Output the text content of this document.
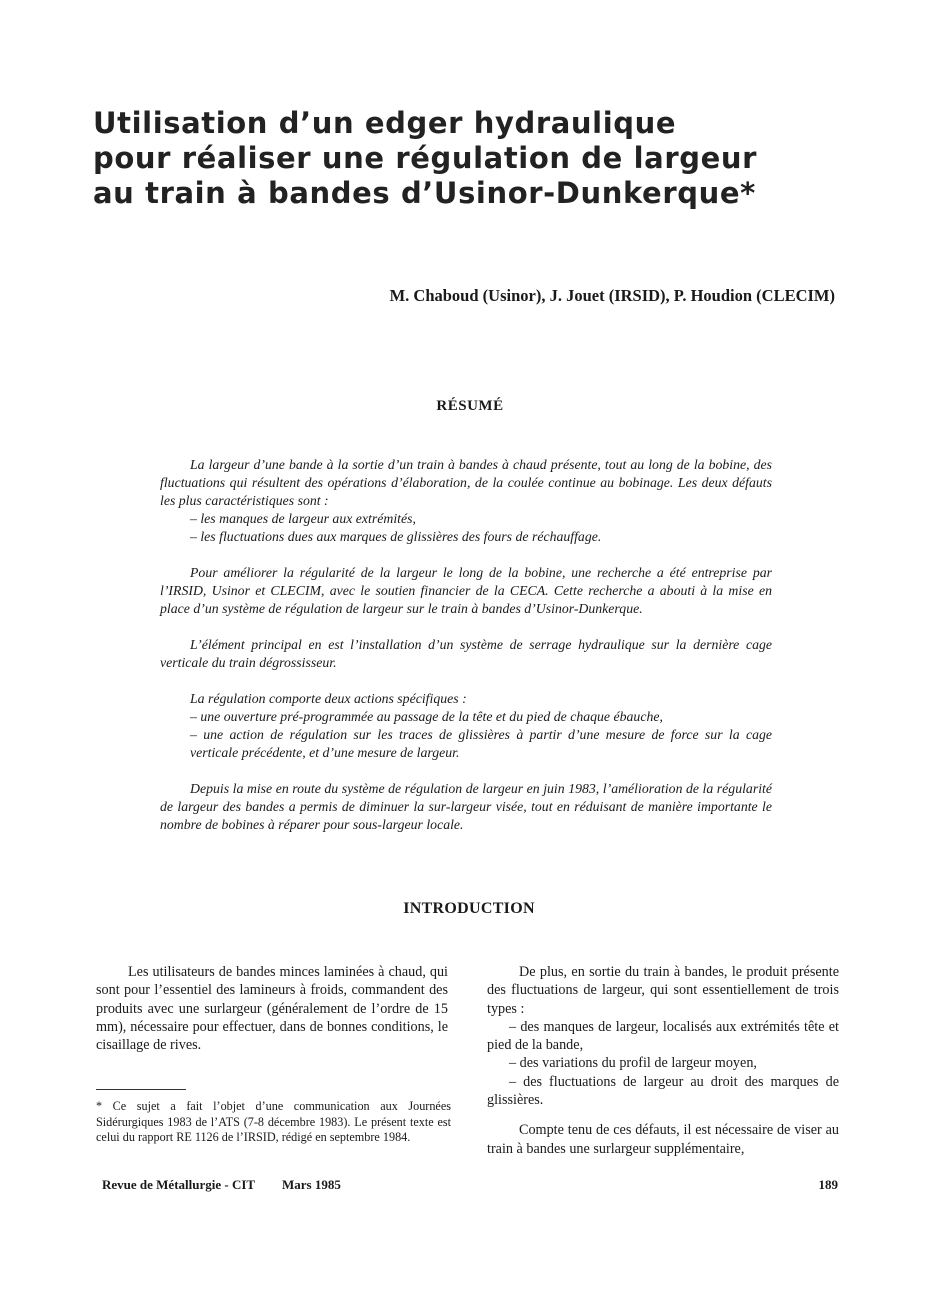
Utilisation d’un edger hydraulique
pour réaliser une régulation de largeur
au train à bandes d’Usinor-Dunkerque*
M. Chaboud (Usinor), J. Jouet (IRSID), P. Houdion (CLECIM)
RÉSUMÉ

La largeur d’une bande à la sortie d’un train à bandes à chaud présente, tout au long de la bobine, des fluctuations qui résultent des opérations d’élaboration, de la coulée continue au bobinage. Les deux défauts les plus caractéristiques sont :

– les manques de largeur aux extrémités,

– les fluctuations dues aux marques de glissières des fours de réchauffage.

Pour améliorer la régularité de la largeur le long de la bobine, une recherche a été entreprise par l’IRSID, Usinor et CLECIM, avec le soutien financier de la CECA. Cette recherche a abouti à la mise en place d’un système de régulation de largeur sur le train à bandes d’Usinor-Dunkerque.

L’élément principal en est l’installation d’un système de serrage hydraulique sur la dernière cage verticale du train dégrossisseur.

La régulation comporte deux actions spécifiques :

– une ouverture pré-programmée au passage de la tête et du pied de chaque ébauche,

– une action de régulation sur les traces de glissières à partir d’une mesure de force sur la cage verticale précédente, et d’une mesure de largeur.

Depuis la mise en route du système de régulation de largeur en juin 1983, l’amélioration de la régularité de largeur des bandes a permis de diminuer la sur-largeur visée, tout en réduisant de manière importante le nombre de bobines à réparer pour sous-largeur locale.

INTRODUCTION

Les utilisateurs de bandes minces laminées à chaud, qui sont pour l’essentiel des lamineurs à froids, commandent des produits avec une surlargeur (généralement de l’ordre de 15 mm), nécessaire pour effectuer, dans de bonnes conditions, le cisaillage de rives.

De plus, en sortie du train à bandes, le produit présente des fluctuations de largeur, qui sont essentiellement de trois types :

– des manques de largeur, localisés aux extrémités tête et pied de la bande,

– des variations du profil de largeur moyen,

– des fluctuations de largeur au droit des marques de glissières.

Compte tenu de ces défauts, il est nécessaire de viser au train à bandes une surlargeur supplémentaire,

* Ce sujet a fait l’objet d’une communication aux Journées Sidérurgiques 1983 de l’ATS (7-8 décembre 1983). Le présent texte est celui du rapport RE 1126 de l’IRSID, rédigé en septembre 1984.
Revue de Métallurgie - CIT Mars 1985	189
